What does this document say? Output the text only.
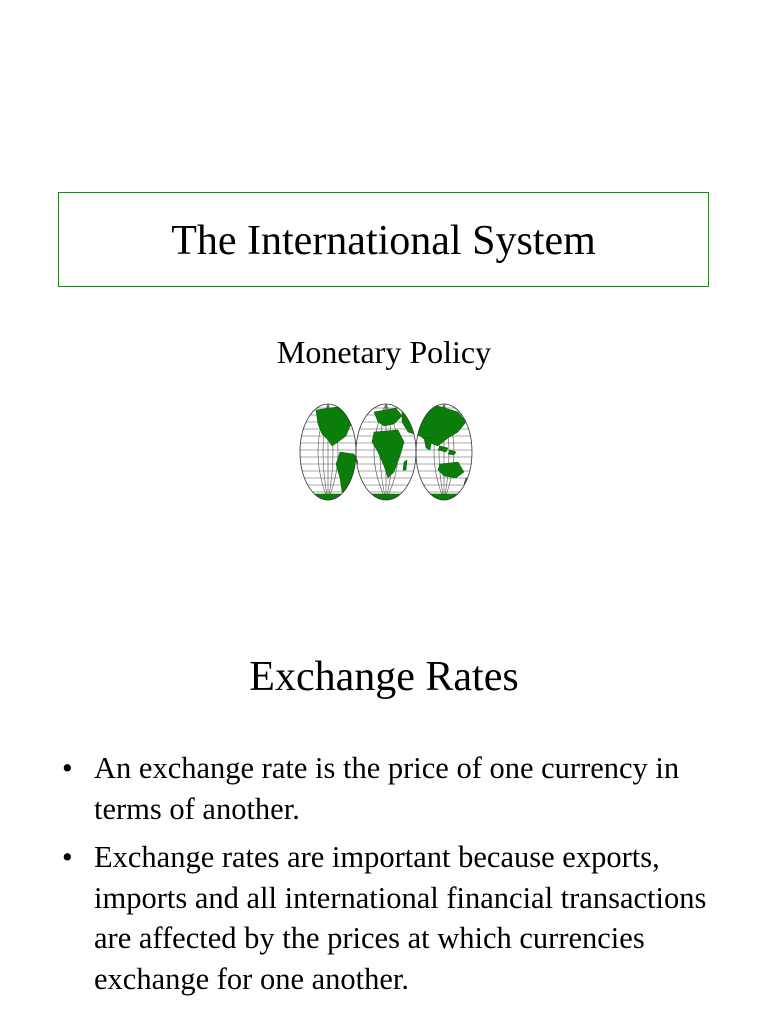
The International System
Monetary Policy
Exchange Rates
• An exchange rate is the price of one currency in terms of another.
• Exchange rates are important because exports, imports and all international financial transactions are affected by the prices at which currencies exchange for one another.
